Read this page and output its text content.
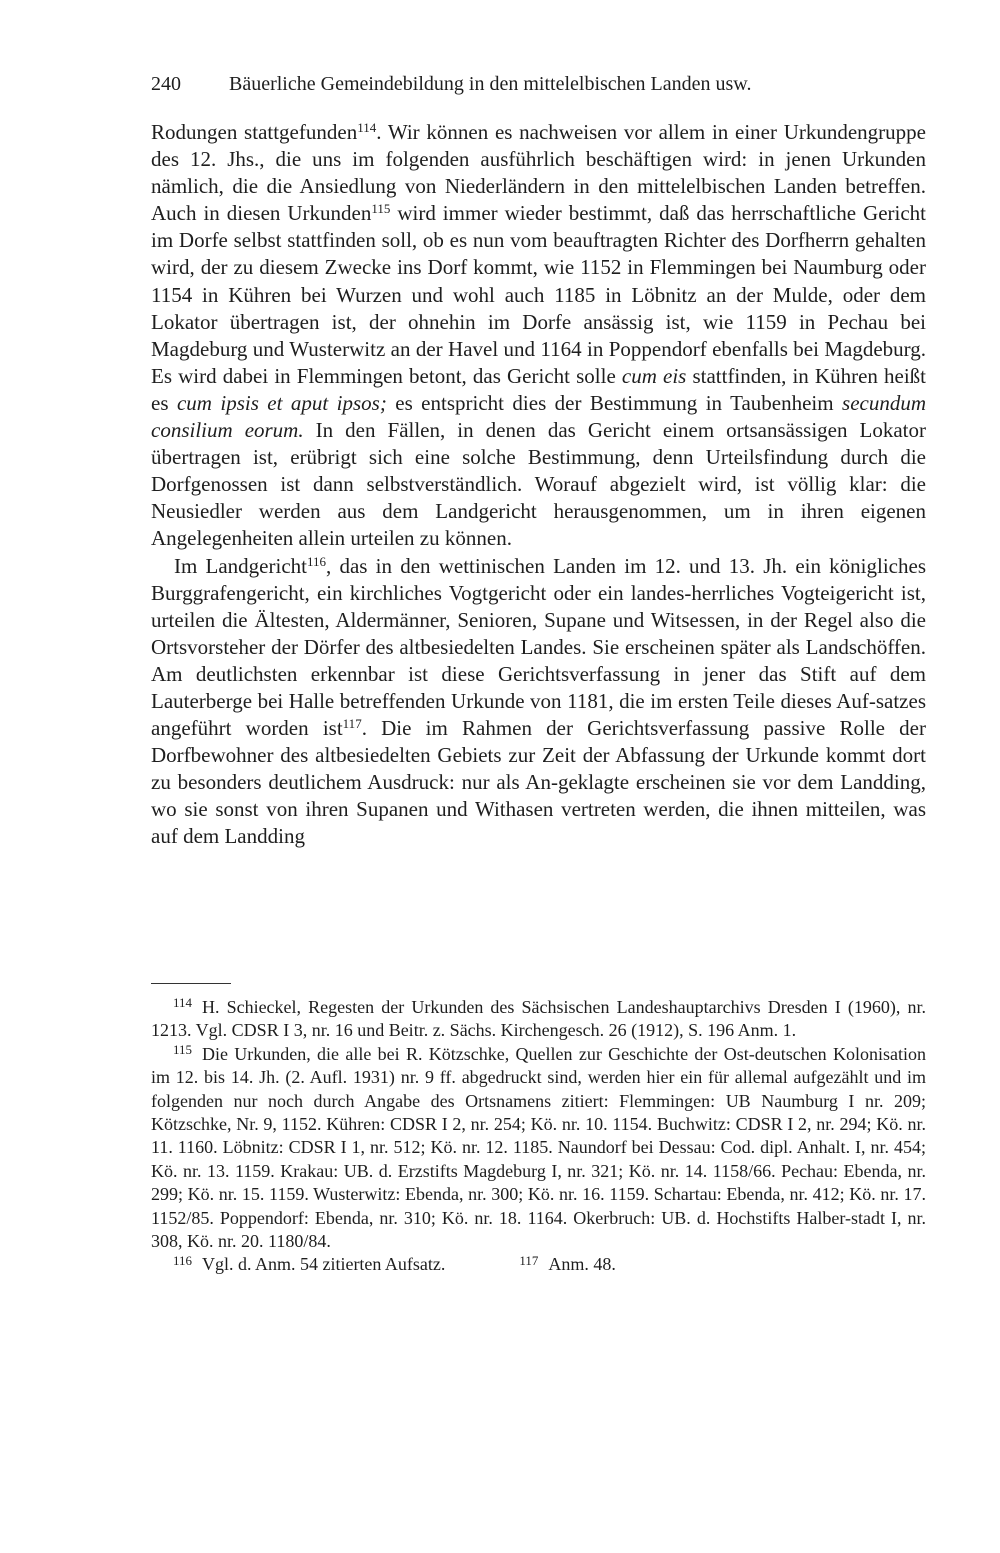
240 Bäuerliche Gemeindebildung in den mittelelbischen Landen usw.

Rodungen stattgefunden$^{114}$. Wir können es nachweisen vor allem in einer Urkundengruppe des 12. Jhs., die uns im folgenden ausführlich beschäftigen wird: in jenen Urkunden nämlich, die die Ansiedlung von Niederländern in den mittelelbischen Landen betreffen. Auch in diesen Urkunden$^{115}$ wird immer wieder bestimmt, daß das herrschaftliche Gericht im Dorfe selbst stattfinden soll, ob es nun vom beauftragten Richter des Dorfherrn gehalten wird, der zu diesem Zwecke ins Dorf kommt, wie 1152 in Flemmingen bei Naumburg oder 1154 in Kühren bei Wurzen und wohl auch 1185 in Löbnitz an der Mulde, oder dem Lokator übertragen ist, der ohnehin im Dorfe ansässig ist, wie 1159 in Pechau bei Magdeburg und Wusterwitz an der Havel und 1164 in Poppendorf ebenfalls bei Magdeburg. Es wird dabei in Flemmingen betont, das Gericht solle cum eis stattfinden, in Kühren heißt es cum ipsis et aput ipsos; es entspricht dies der Bestimmung in Taubenheim secundum consilium eorum. In den Fällen, in denen das Gericht einem ortsansässigen Lokator übertragen ist, erübrigt sich eine solche Bestimmung, denn Urteilsfindung durch die Dorfgenossen ist dann selbstverständlich. Worauf abgezielt wird, ist völlig klar: die Neusiedler werden aus dem Landgericht herausgenommen, um in ihren eigenen Angelegenheiten allein urteilen zu können.

Im Landgericht$^{116}$, das in den wettinischen Landen im 12. und 13. Jh. ein königliches Burggrafengericht, ein kirchliches Vogtgericht oder ein landes-herrliches Vogteigericht ist, urteilen die Ältesten, Aldermänner, Senioren, Supane und Witsessen, in der Regel also die Ortsvorsteher der Dörfer des altbesiedelten Landes. Sie erscheinen später als Landschöffen. Am deutlichsten erkennbar ist diese Gerichtsverfassung in jener das Stift auf dem Lauterberge bei Halle betreffenden Urkunde von 1181, die im ersten Teile dieses Auf-satzes angeführt worden ist$^{117}$. Die im Rahmen der Gerichtsverfassung passive Rolle der Dorfbewohner des altbesiedelten Gebiets zur Zeit der Abfassung der Urkunde kommt dort zu besonders deutlichem Ausdruck: nur als An-geklagte erscheinen sie vor dem Landding, wo sie sonst von ihren Supanen und Withasen vertreten werden, die ihnen mitteilen, was auf dem Landding

$^{114}$ H. Schieckel, Regesten der Urkunden des Sächsischen Landeshauptarchivs Dresden I (1960), nr. 1213. Vgl. CDSR I 3, nr. 16 und Beitr. z. Sächs. Kirchengesch. 26 (1912), S. 196 Anm. 1.

$^{115}$ Die Urkunden, die alle bei R. Kötzschke, Quellen zur Geschichte der Ost-deutschen Kolonisation im 12. bis 14. Jh. (2. Aufl. 1931) nr. 9 ff. abgedruckt sind, werden hier ein für allemal aufgezählt und im folgenden nur noch durch Angabe des Ortsnamens zitiert: Flemmingen: UB Naumburg I nr. 209; Kötzschke, Nr. 9, 1152. Kühren: CDSR I 2, nr. 254; Kö. nr. 10. 1154. Buchwitz: CDSR I 2, nr. 294; Kö. nr. 11. 1160. Löbnitz: CDSR I 1, nr. 512; Kö. nr. 12. 1185. Naundorf bei Dessau: Cod. dipl. Anhalt. I, nr. 454; Kö. nr. 13. 1159. Krakau: UB. d. Erzstifts Magdeburg I, nr. 321; Kö. nr. 14. 1158/66. Pechau: Ebenda, nr. 299; Kö. nr. 15. 1159. Wusterwitz: Ebenda, nr. 300; Kö. nr. 16. 1159. Schartau: Ebenda, nr. 412; Kö. nr. 17. 1152/85. Poppendorf: Ebenda, nr. 310; Kö. nr. 18. 1164. Okerbruch: UB. d. Hochstifts Halber-stadt I, nr. 308, Kö. nr. 20. 1180/84.

$^{116}$ Vgl. d. Anm. 54 zitierten Aufsatz.	$^{117}$ Anm. 48.
